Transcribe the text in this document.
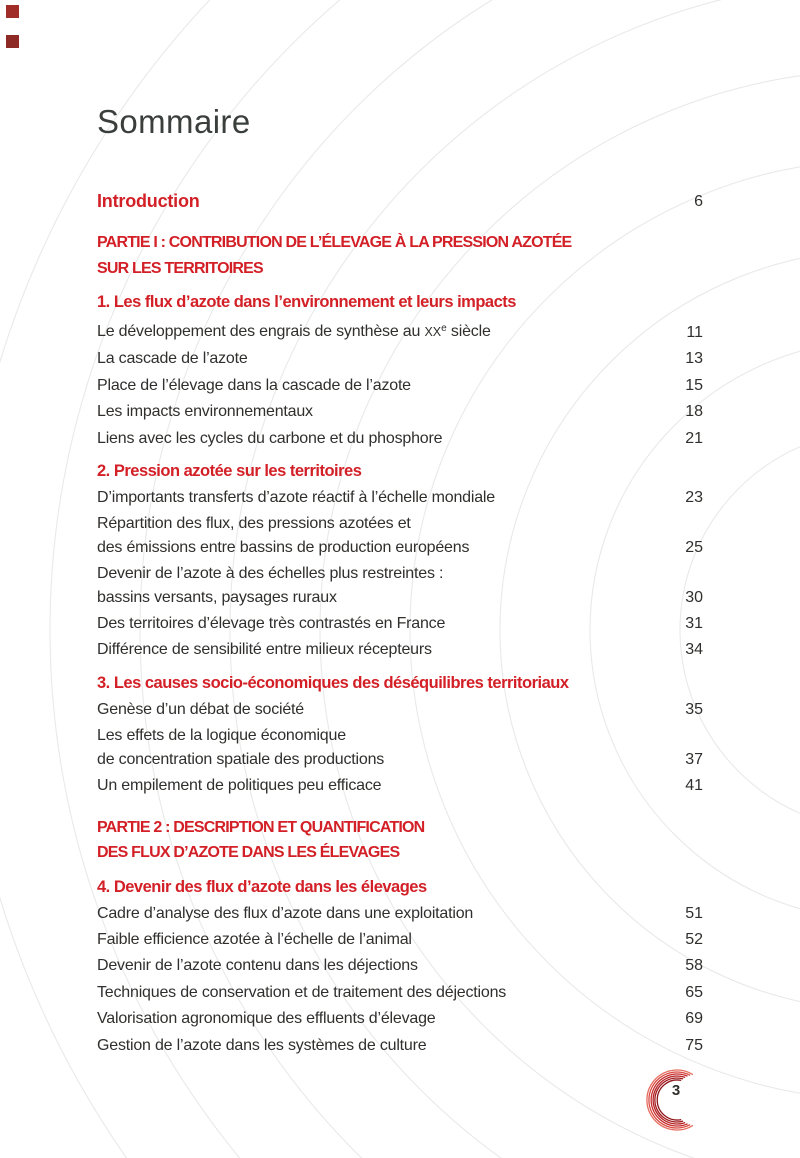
Sommaire
Introduction	6
PARTIE I : CONTRIBUTION DE L’ÉLEVAGE À LA PRESSION AZOTÉE
SUR LES TERRITOIRES
1. Les flux d’azote dans l’environnement et leurs impacts
Le développement des engrais de synthèse au XXe siècle	11
La cascade de l’azote	13
Place de l’élevage dans la cascade de l’azote	15
Les impacts environnementaux	18
Liens avec les cycles du carbone et du phosphore	21
2. Pression azotée sur les territoires
D’importants transferts d’azote réactif à l’échelle mondiale	23
Répartition des flux, des pressions azotées et
des émissions entre bassins de production européens	25
Devenir de l’azote à des échelles plus restreintes :
bassins versants, paysages ruraux	30
Des territoires d’élevage très contrastés en France	31
Différence de sensibilité entre milieux récepteurs	34
3. Les causes socio-économiques des déséquilibres territoriaux
Genèse d’un débat de société	35
Les effets de la logique économique
de concentration spatiale des productions	37
Un empilement de politiques peu efficace	41
PARTIE 2 : DESCRIPTION ET QUANTIFICATION
DES FLUX D’AZOTE DANS LES ÉLEVAGES
4. Devenir des flux d’azote dans les élevages
Cadre d’analyse des flux d’azote dans une exploitation	51
Faible efficience azotée à l’échelle de l’animal	52
Devenir de l’azote contenu dans les déjections	58
Techniques de conservation et de traitement des déjections	65
Valorisation agronomique des effluents d’élevage	69
Gestion de l’azote dans les systèmes de culture	75
3
